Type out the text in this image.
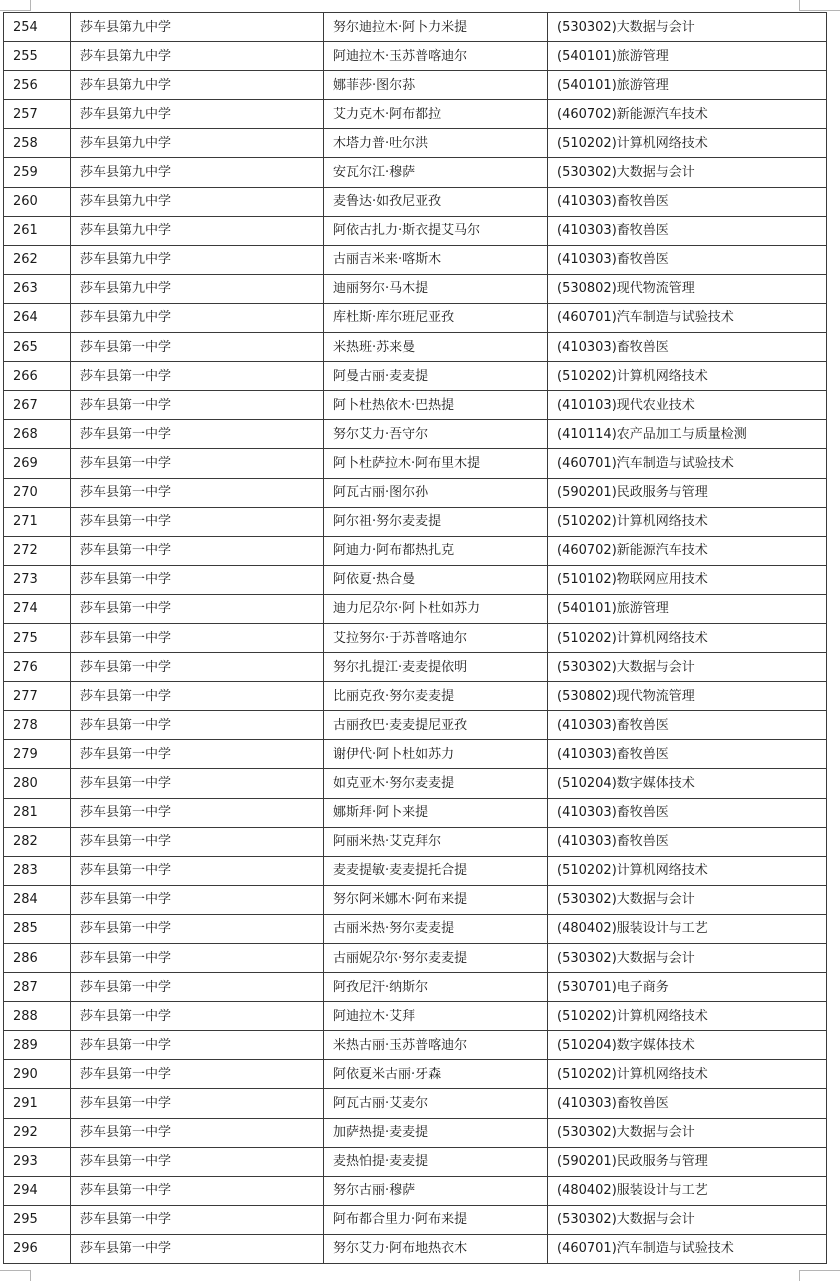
254	莎车县第九中学	努尔迪拉木·阿卜力米提	(530302)大数据与会计
255	莎车县第九中学	阿迪拉木·玉苏普喀迪尔	(540101)旅游管理
256	莎车县第九中学	娜菲莎·图尔荪	(540101)旅游管理
257	莎车县第九中学	艾力克木·阿布都拉	(460702)新能源汽车技术
258	莎车县第九中学	木塔力普·吐尔洪	(510202)计算机网络技术
259	莎车县第九中学	安瓦尔江·穆萨	(530302)大数据与会计
260	莎车县第九中学	麦鲁达·如孜尼亚孜	(410303)畜牧兽医
261	莎车县第九中学	阿依古扎力·斯衣提艾马尔	(410303)畜牧兽医
262	莎车县第九中学	古丽吉米来·喀斯木	(410303)畜牧兽医
263	莎车县第九中学	迪丽努尔·马木提	(530802)现代物流管理
264	莎车县第九中学	库杜斯·库尔班尼亚孜	(460701)汽车制造与试验技术
265	莎车县第一中学	米热班·苏来曼	(410303)畜牧兽医
266	莎车县第一中学	阿曼古丽·麦麦提	(510202)计算机网络技术
267	莎车县第一中学	阿卜杜热依木·巴热提	(410103)现代农业技术
268	莎车县第一中学	努尔艾力·吾守尔	(410114)农产品加工与质量检测
269	莎车县第一中学	阿卜杜萨拉木·阿布里木提	(460701)汽车制造与试验技术
270	莎车县第一中学	阿瓦古丽·图尔孙	(590201)民政服务与管理
271	莎车县第一中学	阿尔祖·努尔麦麦提	(510202)计算机网络技术
272	莎车县第一中学	阿迪力·阿布都热扎克	(460702)新能源汽车技术
273	莎车县第一中学	阿依夏·热合曼	(510102)物联网应用技术
274	莎车县第一中学	迪力尼尕尔·阿卜杜如苏力	(540101)旅游管理
275	莎车县第一中学	艾拉努尔·于苏普喀迪尔	(510202)计算机网络技术
276	莎车县第一中学	努尔扎提江·麦麦提依明	(530302)大数据与会计
277	莎车县第一中学	比丽克孜·努尔麦麦提	(530802)现代物流管理
278	莎车县第一中学	古丽孜巴·麦麦提尼亚孜	(410303)畜牧兽医
279	莎车县第一中学	谢伊代·阿卜杜如苏力	(410303)畜牧兽医
280	莎车县第一中学	如克亚木·努尔麦麦提	(510204)数字媒体技术
281	莎车县第一中学	娜斯拜·阿卜来提	(410303)畜牧兽医
282	莎车县第一中学	阿丽米热·艾克拜尔	(410303)畜牧兽医
283	莎车县第一中学	麦麦提敏·麦麦提托合提	(510202)计算机网络技术
284	莎车县第一中学	努尔阿米娜木·阿布来提	(530302)大数据与会计
285	莎车县第一中学	古丽米热·努尔麦麦提	(480402)服装设计与工艺
286	莎车县第一中学	古丽妮尕尔·努尔麦麦提	(530302)大数据与会计
287	莎车县第一中学	阿孜尼汗·纳斯尔	(530701)电子商务
288	莎车县第一中学	阿迪拉木·艾拜	(510202)计算机网络技术
289	莎车县第一中学	米热古丽·玉苏普喀迪尔	(510204)数字媒体技术
290	莎车县第一中学	阿依夏米古丽·牙森	(510202)计算机网络技术
291	莎车县第一中学	阿瓦古丽·艾麦尔	(410303)畜牧兽医
292	莎车县第一中学	加萨热提·麦麦提	(530302)大数据与会计
293	莎车县第一中学	麦热怕提·麦麦提	(590201)民政服务与管理
294	莎车县第一中学	努尔古丽·穆萨	(480402)服装设计与工艺
295	莎车县第一中学	阿布都合里力·阿布来提	(530302)大数据与会计
296	莎车县第一中学	努尔艾力·阿布地热衣木	(460701)汽车制造与试验技术
